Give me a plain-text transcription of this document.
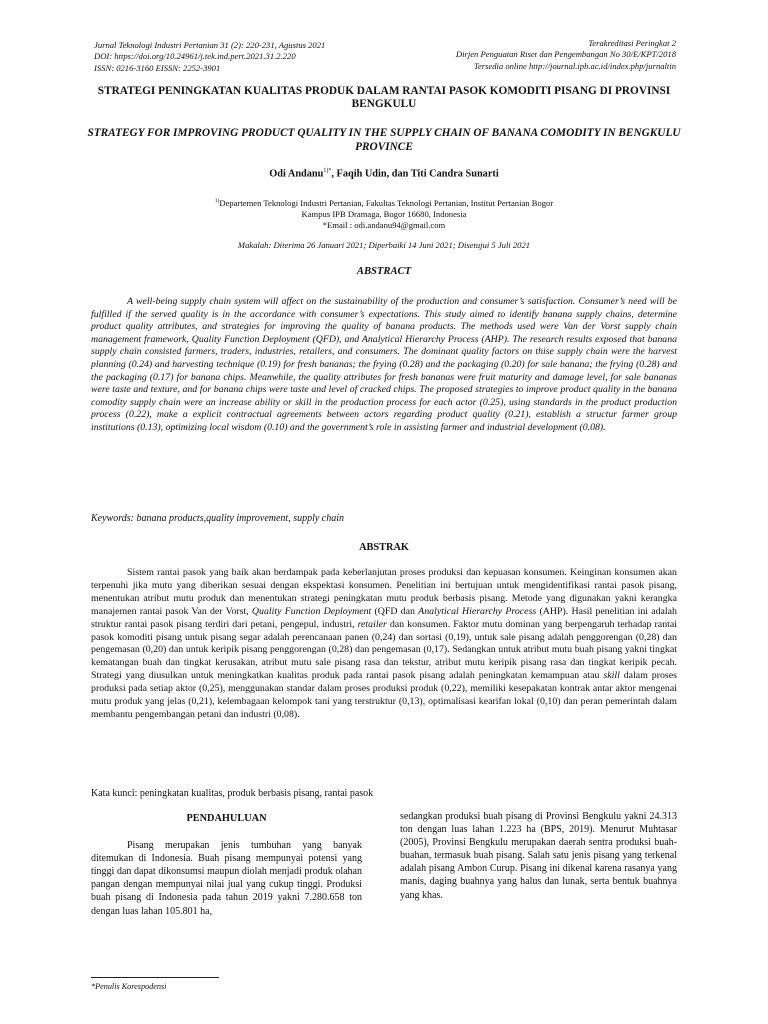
Jurnal Teknologi Industri Pertanian 31 (2): 220-231, Agustus 2021
DOI: https://doi.org/10.24961/j.tek.ind.pert.2021.31.2.220
ISSN: 0216-3160 EISSN: 2252-3901
Terakreditasi Peringkat 2
Dirjen Penguatan Riset dan Pengembangan No 30/E/KPT/2018
Tersedia online http://journal.ipb.ac.id/index.php/jurnaltin
STRATEGI PENINGKATAN KUALITAS PRODUK DALAM RANTAI PASOK KOMODITI PISANG DI PROVINSI BENGKULU
STRATEGY FOR IMPROVING PRODUCT QUALITY IN THE SUPPLY CHAIN OF BANANA COMODITY IN BENGKULU PROVINCE
Odi Andanu$^{1)*}$, Faqih Udin, dan Titi Candra Sunarti
$^{1)}$Departemen Teknologi Industri Pertanian, Fakultas Teknologi Pertanian, Institut Pertanian Bogor
Kampus IPB Dramaga, Bogor 16680, Indonesia
*Email : odi.andanu94@gmail.com
Makalah: Diterima 26 Januari 2021; Diperbaiki 14 Juni 2021; Disetujui 5 Juli 2021
ABSTRACT

A well-being supply chain system will affect on the sustainability of the production and consumer’s satisfaction. Consumer’s need will be fulfilled if the served quality is in the accordance with consumer’s expectations. This study aimed to identify banana supply chains, determine product quality attributes, and strategies for improving the quality of banana products. The methods used were Van der Vorst supply chain management framework, Quality Function Deployment (QFD), and Analytical Hierarchy Process (AHP). The research results exposed that banana supply chain consisted farmers, traders, industries, retailers, and consumers. The dominant quality factors on thise supply chain were the harvest planning (0.24) and harvesting technique (0.19) for fresh bananas; the frying (0.28) and the packaging (0.20) for sale banana; the frying (0.28) and the packaging (0.17) for banana chips. Meanwhile, the quality attributes for fresh bananas were fruit maturity and damage level, for sale bananas were taste and texture, and for banana chips were taste and level of cracked chips. The proposed strategies to improve product quality in the banana comodity supply chain were an increase ability or skill in the production process for each actor (0.25), using standards in the product production process (0.22), make a explicit contractual agreements between actors regarding product quality (0.21), establish a structur farmer group institutions (0.13), optimizing local wisdom (0.10) and the government’s role in assisting farmer and industrial development (0.08).

Keywords: banana products,quality improvement, supply chain
ABSTRAK

Sistem rantai pasok yang baik akan berdampak pada keberlanjutan proses produksi dan kepuasan konsumen. Keinginan konsumen akan terpenuhi jika mutu yang diberikan sesuai dengan ekspektasi konsumen. Penelitian ini bertujuan untuk mengidentifikasi rantai pasok pisang, menentukan atribut mutu produk dan menentukan strategi peningkatan mutu produk berbasis pisang. Metode yang digunakan yakni kerangka manajemen rantai pasok Van der Vorst, Quality Function Deployment (QFD dan Analytical Hierarchy Process (AHP). Hasil penelitian ini adalah struktur rantai pasok pisang terdiri dari petani, pengepul, industri, retailer dan konsumen. Faktor mutu dominan yang berpengaruh terhadap rantai pasok komoditi pisang untuk pisang segar adalah perencanaan panen (0,24) dan sortasi (0,19), untuk sale pisang adalah penggorengan (0,28) dan pengemasan (0,20) dan untuk keripik pisang penggorengan (0,28) dan pengemasan (0,17). Sedangkan untuk atribut mutu buah pisang yakni tingkat kematangan buah dan tingkat kerusakan, atribut mutu sale pisang rasa dan tekstur, atribut mutu keripik pisang rasa dan tingkat keripik pecah. Strategi yang diusulkan untuk meningkatkan kualitas produk pada rantai pasok pisang adalah peningkatan kemampuan atau skill dalam proses produksi pada setiap aktor (0,25), menggunakan standar dalam proses produksi produk (0,22), memiliki kesepakatan kontrak antar aktor mengenai mutu produk yang jelas (0,21), kelembagaan kelompok tani yang terstruktur (0,13), optimalisasi kearifan lokal (0,10) dan peran pemerintah dalam membantu pengembangan petani dan industri (0,08).

Kata kunci: peningkatan kualitas, produk berbasis pisang, rantai pasok
PENDAHULUAN

Pisang merupakan jenis tumbuhan yang banyak ditemukan di Indonesia. Buah pisang mempunyai potensi yang tinggi dan dapat dikonsumsi maupun diolah menjadi produk olahan pangan dengan mempunyai nilai jual yang cukup tinggi. Produksi buah pisang di Indonesia pada tahun 2019 yakni 7.280.658 ton dengan luas lahan 105.801 ha,

sedangkan produksi buah pisang di Provinsi Bengkulu yakni 24.313 ton dengan luas lahan 1.223 ha (BPS, 2019). Menurut Muhtasar (2005), Provinsi Bengkulu merupakan daerah sentra produksi buah-buahan, termasuk buah pisang. Salah satu jenis pisang yang terkenal adalah pisang Ambon Curup. Pisang ini dikenal karena rasanya yang manis, daging buahnya yang halus dan lunak, serta bentuk buahnya yang khas.

*Penulis Korespodensi
